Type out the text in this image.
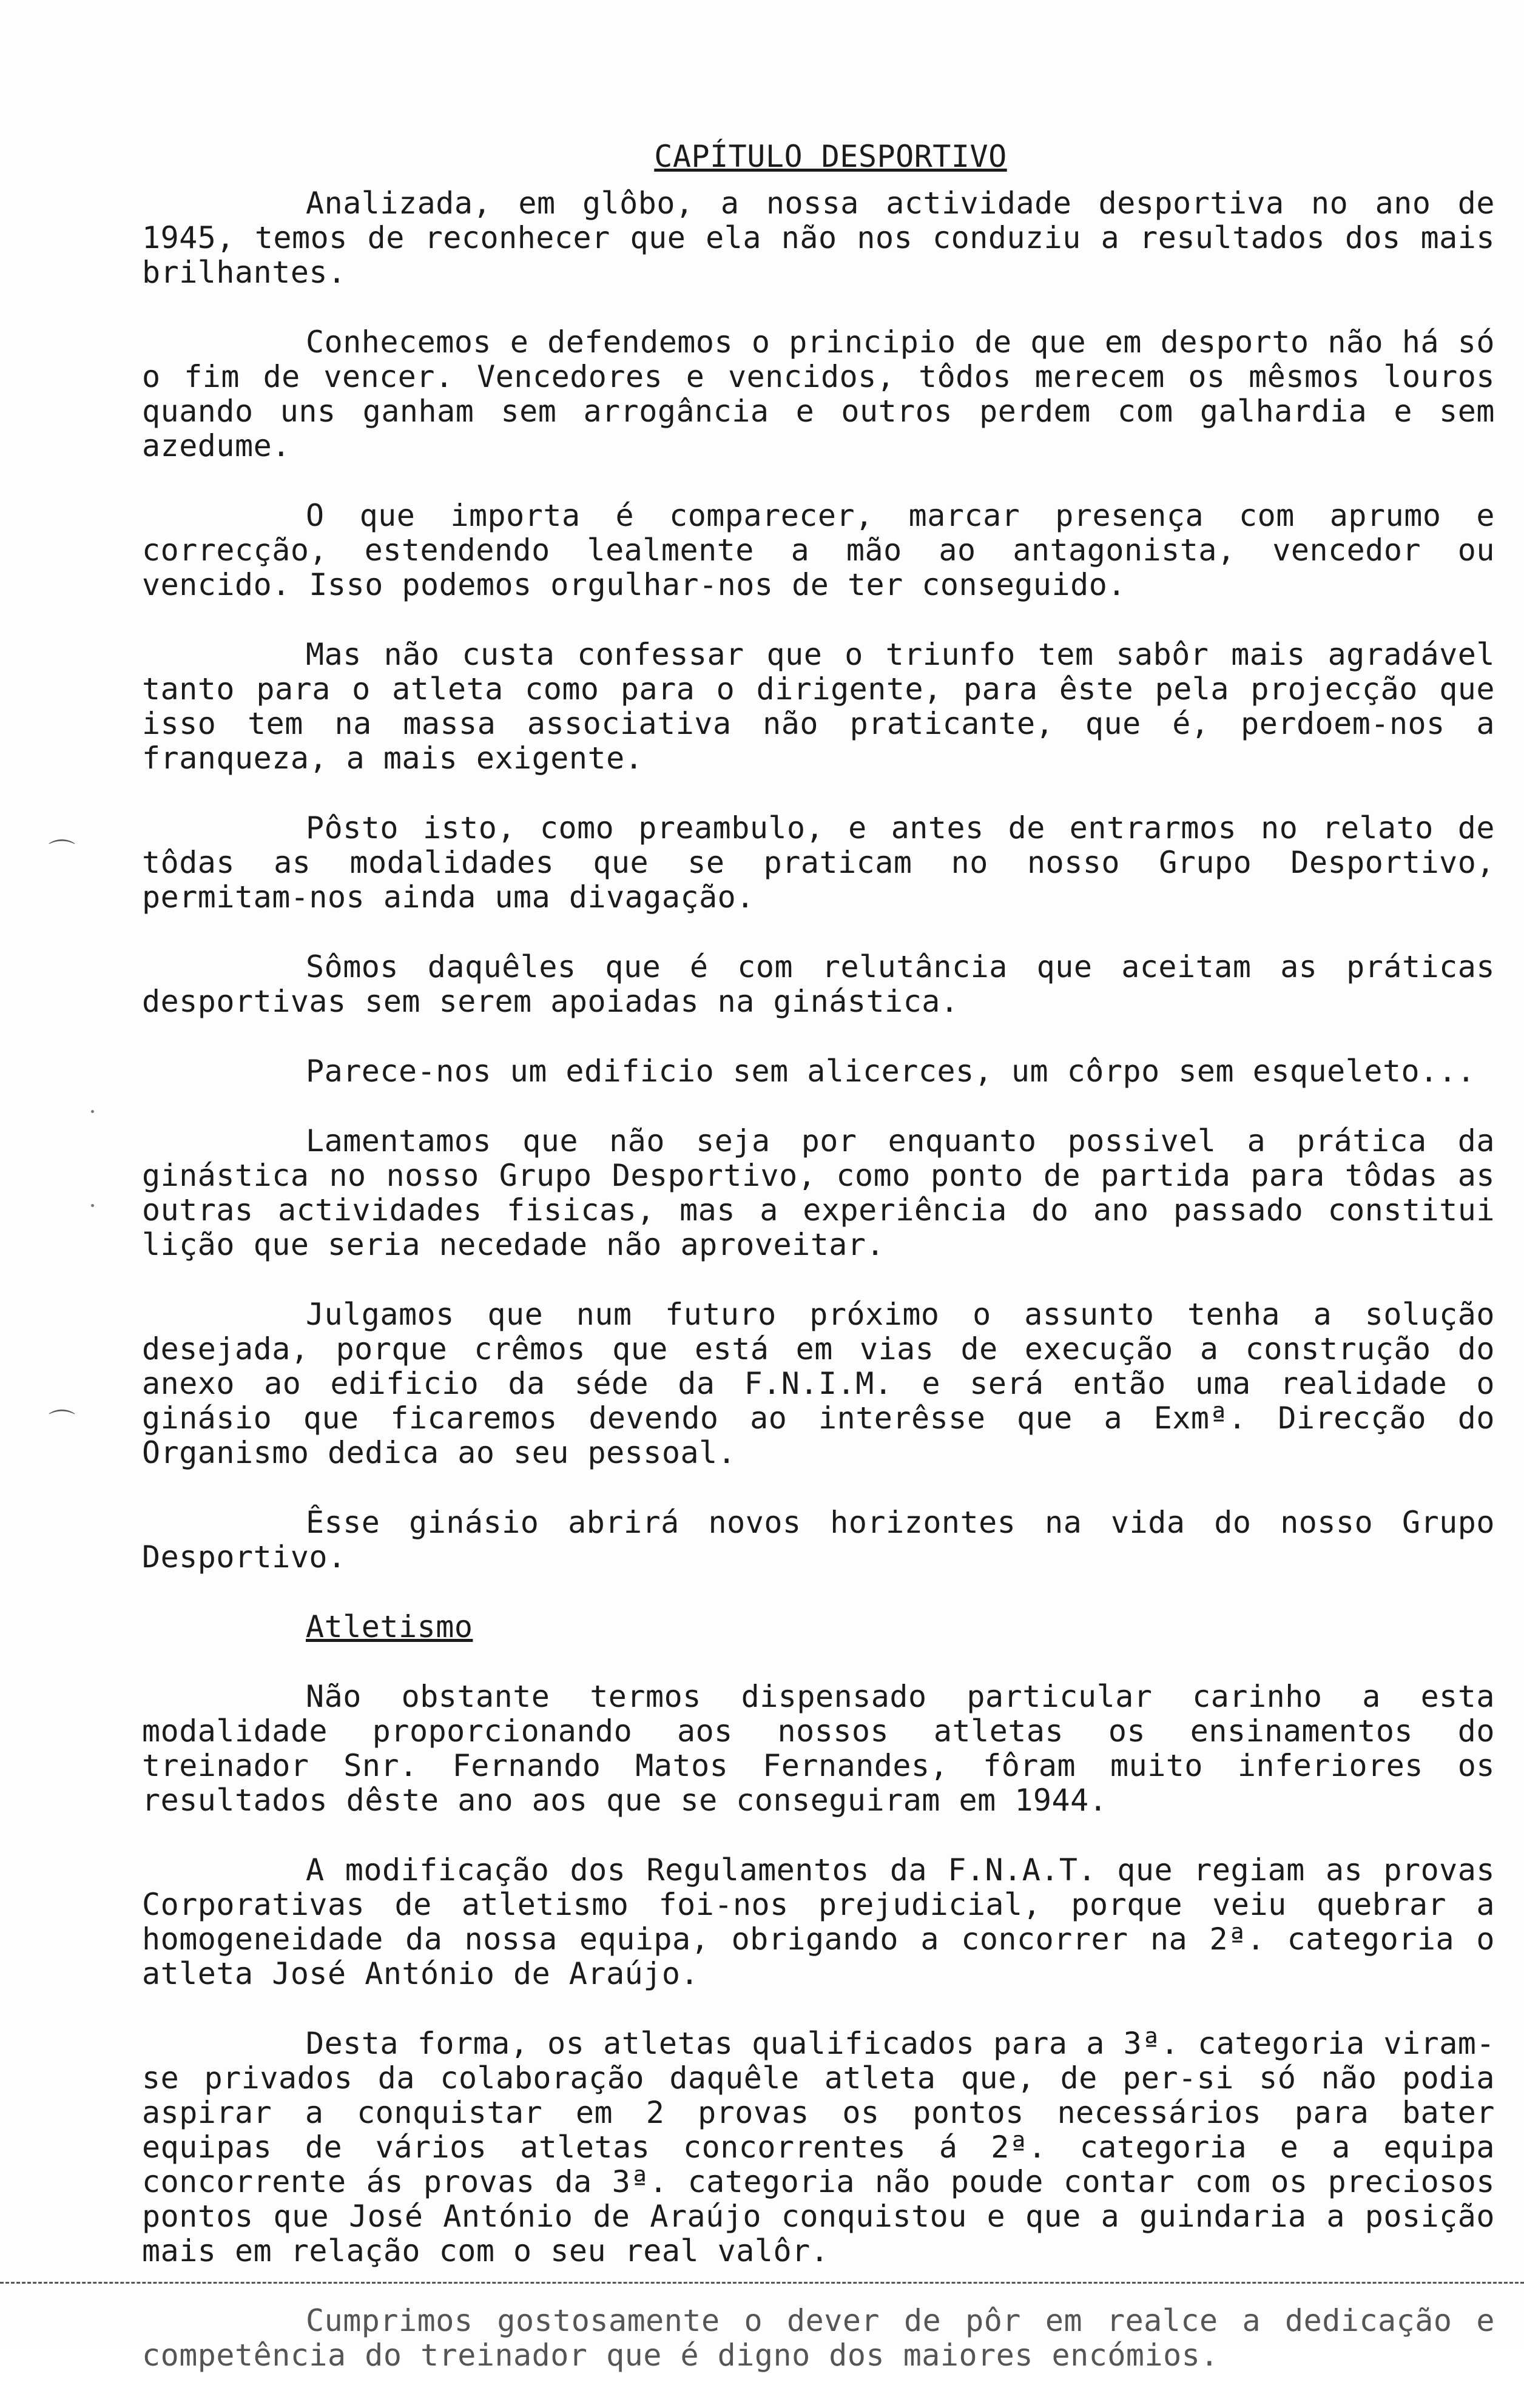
CAPÍTULO DESPORTIVO

Analizada, em glôbo, a nossa actividade desportiva no ano de 1945, temos de reconhecer que ela não nos conduziu a resultados dos mais brilhantes.

Conhecemos e defendemos o principio de que em desporto não há só o fim de vencer. Vencedores e vencidos, tôdos merecem os mêsmos louros quando uns ganham sem arrogância e outros perdem com galhardia e sem azedume.

O que importa é comparecer, marcar presença com aprumo e correcção, estendendo lealmente a mão ao antagonista, vencedor ou vencido. Isso podemos orgulhar-nos de ter conseguido.

Mas não custa confessar que o triunfo tem sabôr mais agradável tanto para o atleta como para o dirigente, para êste pela projecção que isso tem na massa associativa não praticante, que é, perdoem-nos a franqueza, a mais exigente.

Pôsto isto, como preambulo, e antes de entrarmos no relato de tôdas as modalidades que se praticam no nosso Grupo Desportivo, permitam-nos ainda uma divagação.

Sômos daquêles que é com relutância que aceitam as práticas desportivas sem serem apoiadas na ginástica.

Parece-nos um edificio sem alicerces, um côrpo sem esqueleto...

Lamentamos que não seja por enquanto possivel a prática da ginástica no nosso Grupo Desportivo, como ponto de partida para tôdas as outras actividades fisicas, mas a experiência do ano passado constitui lição que seria necedade não aproveitar.

Julgamos que num futuro próximo o assunto tenha a solução desejada, porque crêmos que está em vias de execução a construção do anexo ao edificio da séde da F.N.I.M. e será então uma realidade o ginásio que ficaremos devendo ao interêsse que a Exmª. Direcção do Organismo dedica ao seu pessoal.

Êsse ginásio abrirá novos horizontes na vida do nosso Grupo Desportivo.

Atletismo

Não obstante termos dispensado particular carinho a esta modalidade proporcionando aos nossos atletas os ensinamentos do treinador Snr. Fernando Matos Fernandes, fôram muito inferiores os resultados dêste ano aos que se conseguiram em 1944.

A modificação dos Regulamentos da F.N.A.T. que regiam as provas Corporativas de atletismo foi-nos prejudicial, porque veiu quebrar a homogeneidade da nossa equipa, obrigando a concorrer na 2ª. categoria o atleta José António de Araújo.

Desta forma, os atletas qualificados para a 3ª. categoria viram-se privados da colaboração daquêle atleta que, de per-si só não podia aspirar a conquistar em 2 provas os pontos necessários para bater equipas de vários atletas concorrentes á 2ª. categoria e a equipa concorrente ás provas da 3ª. categoria não poude contar com os preciosos pontos que José António de Araújo conquistou e que a guindaria a posição mais em relação com o seu real valôr.

Cumprimos gostosamente o dever de pôr em realce a dedicação e competência do treinador que é digno dos maiores encómios.

⌒
⌒
